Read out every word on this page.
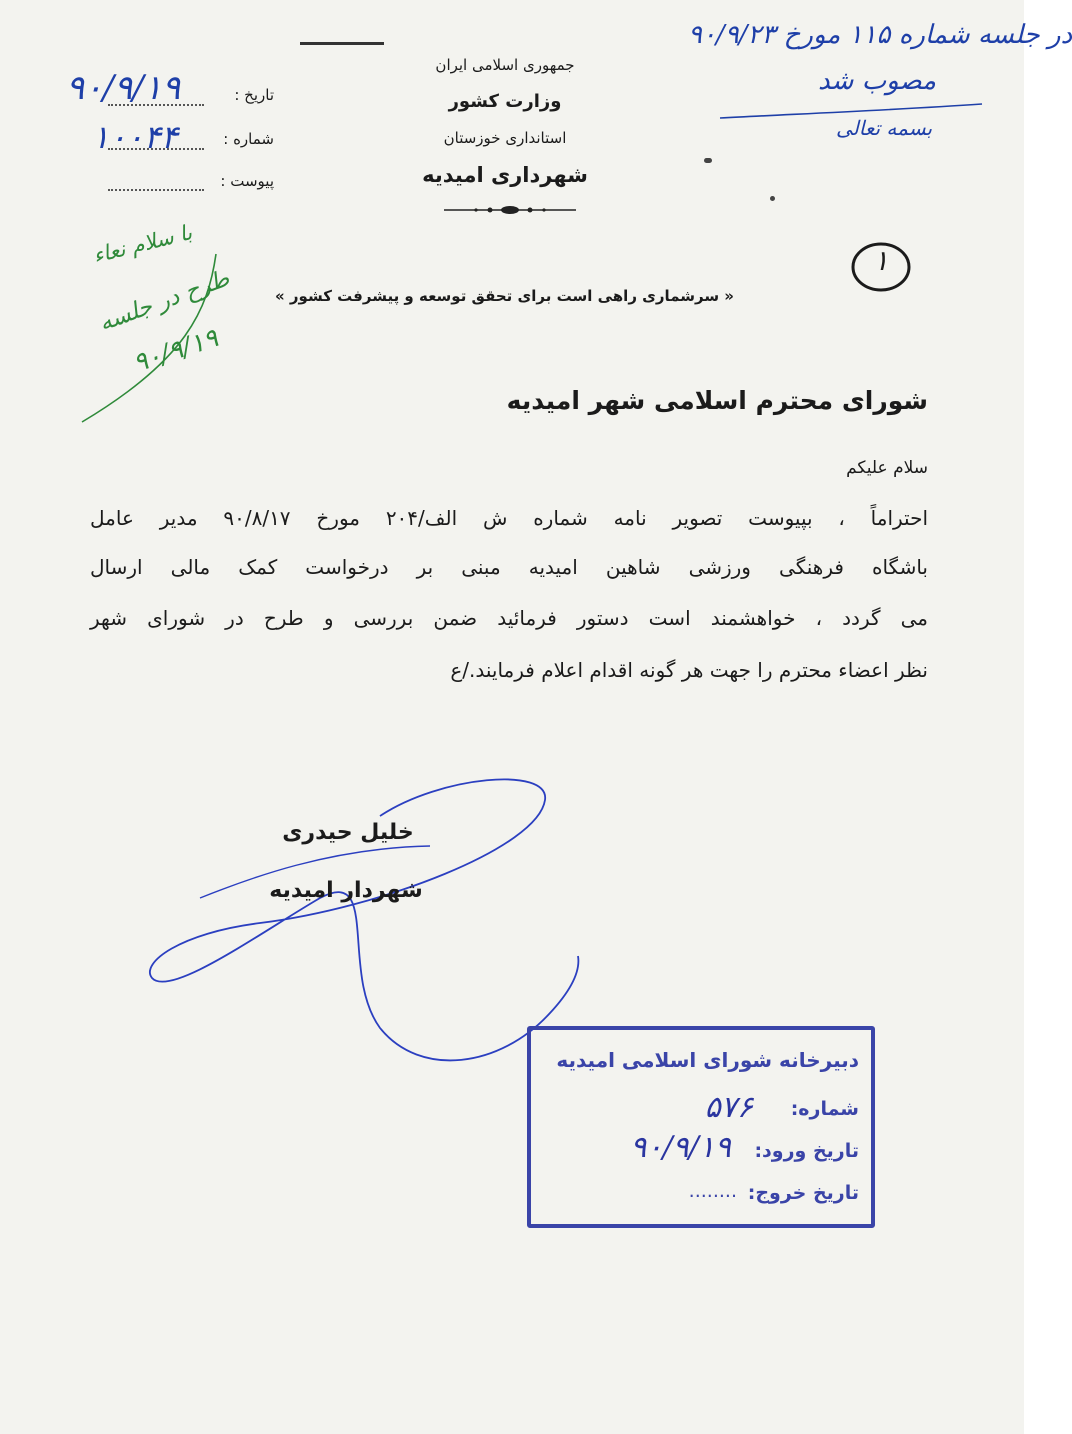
جمهوری اسلامی ایران
وزارت کشور
استانداری خوزستان
شهرداری امیدیه
تاریخ :
۹۰/۹/۱۹
شماره :
۱۰۰۴۴
پیوست :
در جلسه شماره ۱۱۵ مورخ ۹۰/۹/۲۳
مصوب شد
بسمه تعالی
۱
با سلام نعاء
طرح در جلسه
۹۰/۹/۱۹
« سرشماری راهی است برای تحقق توسعه و پیشرفت کشور »
شورای محترم اسلامی شهر امیدیه
سلام علیکم
احتراماً ، بپیوست تصویر نامه شماره ش الف/۲۰۴ مورخ ۹۰/۸/۱۷ مدیر عامل
باشگاه فرهنگی ورزشی شاهین امیدیه مبنی بر درخواست کمک مالی ارسال
می گردد ، خواهشمند است دستور فرمائید ضمن بررسی و طرح در شورای شهر
نظر اعضاء محترم را جهت هر گونه اقدام اعلام فرمایند./ع
خلیل حیدری
شهردار امیدیه
دبیرخانه شورای اسلامی امیدیه
شماره:
۵۷۶
تاریخ ورود:
۹۰/۹/۱۹
تاریخ خروج:
........
